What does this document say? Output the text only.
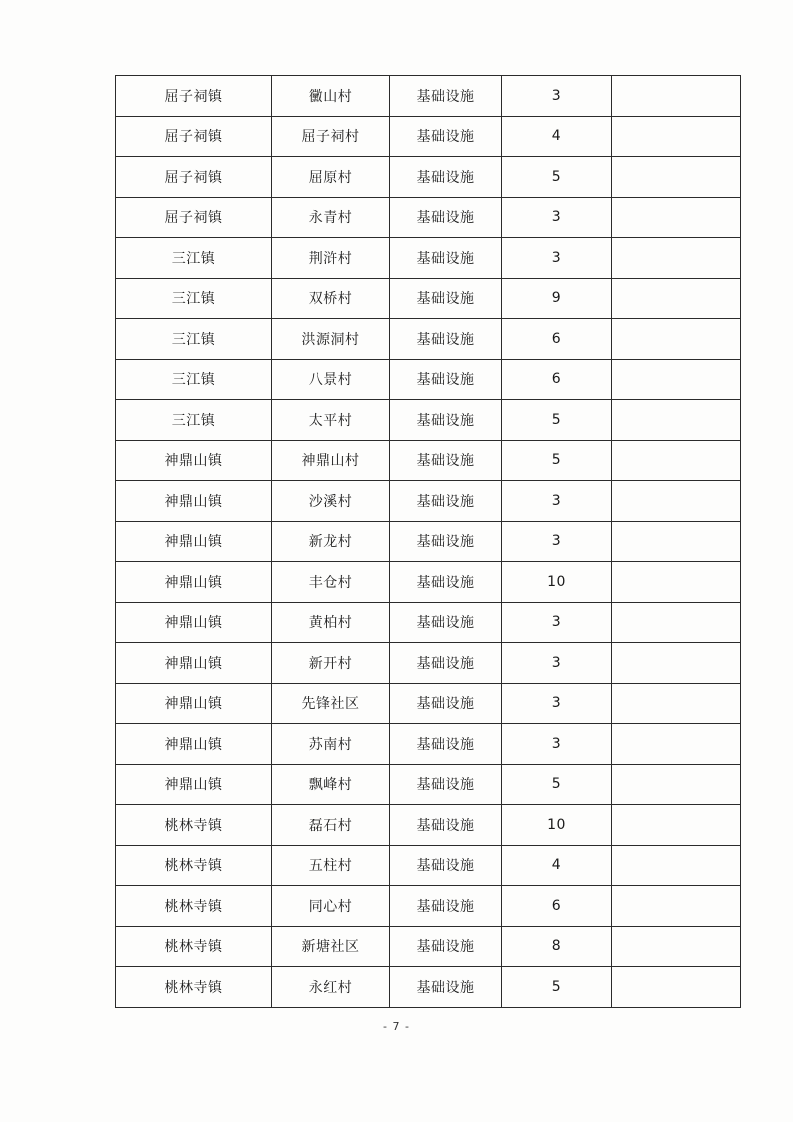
屈子祠镇	黴山村	基础设施	3	
屈子祠镇	屈子祠村	基础设施	4	
屈子祠镇	屈原村	基础设施	5	
屈子祠镇	永青村	基础设施	3	
三江镇	荆浒村	基础设施	3	
三江镇	双桥村	基础设施	9	
三江镇	洪源洞村	基础设施	6	
三江镇	八景村	基础设施	6	
三江镇	太平村	基础设施	5	
神鼎山镇	神鼎山村	基础设施	5	
神鼎山镇	沙溪村	基础设施	3	
神鼎山镇	新龙村	基础设施	3	
神鼎山镇	丰仓村	基础设施	10	
神鼎山镇	黄柏村	基础设施	3	
神鼎山镇	新开村	基础设施	3	
神鼎山镇	先锋社区	基础设施	3	
神鼎山镇	苏南村	基础设施	3	
神鼎山镇	飘峰村	基础设施	5	
桃林寺镇	磊石村	基础设施	10	
桃林寺镇	五柱村	基础设施	4	
桃林寺镇	同心村	基础设施	6	
桃林寺镇	新塘社区	基础设施	8	
桃林寺镇	永红村	基础设施	5	
- 7 -
